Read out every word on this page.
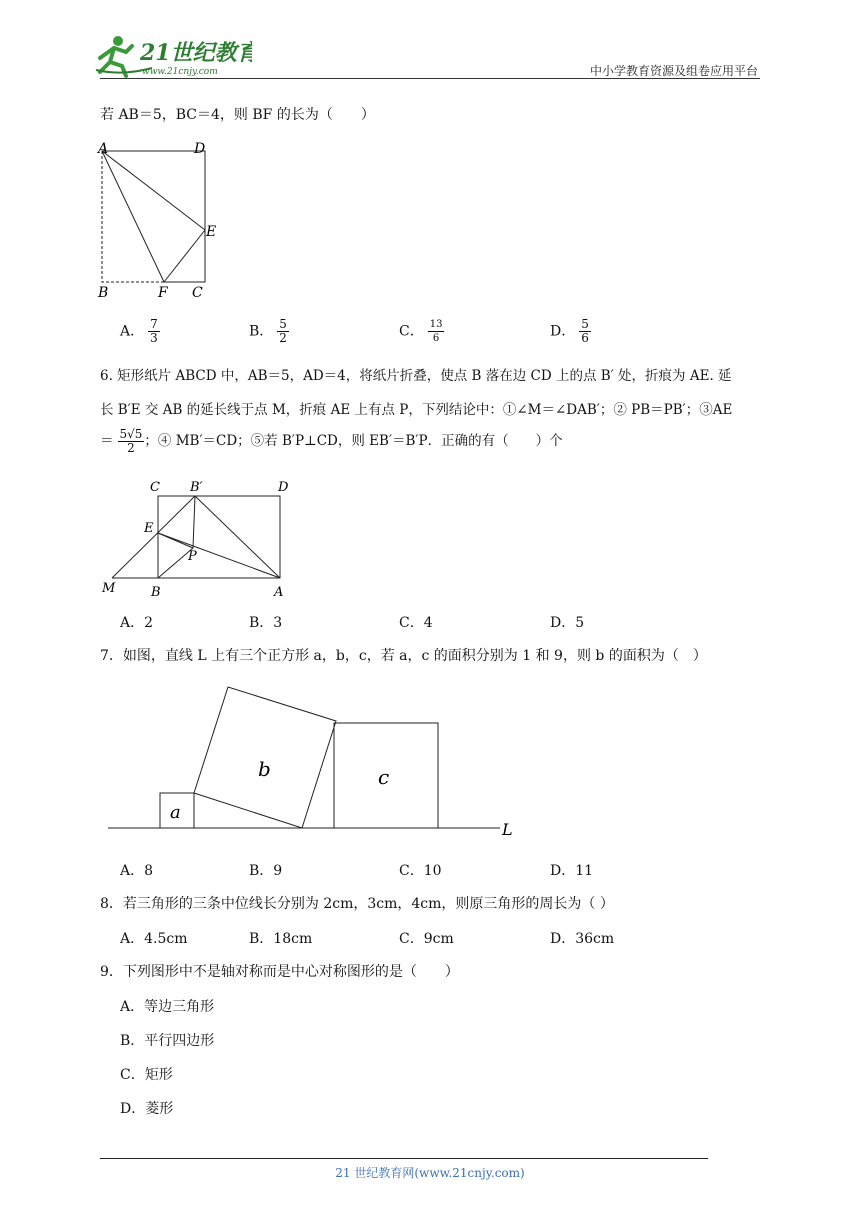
21世纪教育
www.21cnjy.com	中小学教育资源及组卷应用平台
若 AB＝5，BC＝4，则 BF 的长为（　　）
A	D
E
B	F C
A． $\frac{7}{3}$	B． $\frac{5}{2}$	C． $\frac{13}{6}$	D． $\frac{5}{6}$
6. 矩形纸片 ABCD 中，AB＝5，AD＝4，将纸片折叠，使点 B 落在边 CD 上的点 B′ 处，折痕为 AE. 延
长 B′E 交 AB 的延长线于点 M，折痕 AE 上有点 P，下列结论中：①∠M＝∠DAB′；② PB＝PB′；③AE
＝ $\frac{5√5}{2}$ ；④ MB′＝CD；⑤若 B′P⊥CD，则 EB′＝B′P．正确的有（　　）个
C B′	D
E
P
M	B	A
A．2	B．3	C．4	D．5
7．如图，直线 L 上有三个正方形 a，b，c，若 a，c 的面积分别为 1 和 9，则 b 的面积为（　）
a
b	c
L
A．8	B．9	C．10	D．11
8．若三角形的三条中位线长分别为 2cm，3cm，4cm，则原三角形的周长为（ ）
A．4.5cm	B．18cm	C．9cm	D．36cm
9．下列图形中不是轴对称而是中心对称图形的是（　　）
A．等边三角形
B．平行四边形
C．矩形
D．菱形
21 世纪教育网(www.21cnjy.com)
